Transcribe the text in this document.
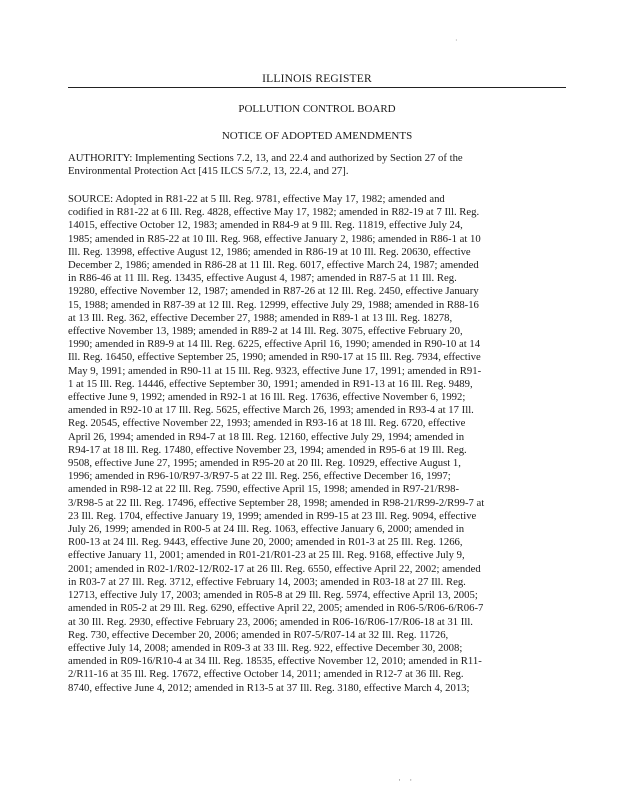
·
ILLINOIS REGISTER
POLLUTION CONTROL BOARD
NOTICE OF ADOPTED AMENDMENTS
AUTHORITY: Implementing Sections 7.2, 13, and 22.4 and authorized by Section 27 of the
Environmental Protection Act [415 ILCS 5/7.2, 13, 22.4, and 27].
SOURCE: Adopted in R81-22 at 5 Ill. Reg. 9781, effective May 17, 1982; amended and
codified in R81-22 at 6 Ill. Reg. 4828, effective May 17, 1982; amended in R82-19 at 7 Ill. Reg.
14015, effective October 12, 1983; amended in R84-9 at 9 Ill. Reg. 11819, effective July 24,
1985; amended in R85-22 at 10 Ill. Reg. 968, effective January 2, 1986; amended in R86-1 at 10
Ill. Reg. 13998, effective August 12, 1986; amended in R86-19 at 10 Ill. Reg. 20630, effective
December 2, 1986; amended in R86-28 at 11 Ill. Reg. 6017, effective March 24, 1987; amended
in R86-46 at 11 Ill. Reg. 13435, effective August 4, 1987; amended in R87-5 at 11 Ill. Reg.
19280, effective November 12, 1987; amended in R87-26 at 12 Ill. Reg. 2450, effective January
15, 1988; amended in R87-39 at 12 Ill. Reg. 12999, effective July 29, 1988; amended in R88-16
at 13 Ill. Reg. 362, effective December 27, 1988; amended in R89-1 at 13 Ill. Reg. 18278,
effective November 13, 1989; amended in R89-2 at 14 Ill. Reg. 3075, effective February 20,
1990; amended in R89-9 at 14 Ill. Reg. 6225, effective April 16, 1990; amended in R90-10 at 14
Ill. Reg. 16450, effective September 25, 1990; amended in R90-17 at 15 Ill. Reg. 7934, effective
May 9, 1991; amended in R90-11 at 15 Ill. Reg. 9323, effective June 17, 1991; amended in R91-
1 at 15 Ill. Reg. 14446, effective September 30, 1991; amended in R91-13 at 16 Ill. Reg. 9489,
effective June 9, 1992; amended in R92-1 at 16 Ill. Reg. 17636, effective November 6, 1992;
amended in R92-10 at 17 Ill. Reg. 5625, effective March 26, 1993; amended in R93-4 at 17 Ill.
Reg. 20545, effective November 22, 1993; amended in R93-16 at 18 Ill. Reg. 6720, effective
April 26, 1994; amended in R94-7 at 18 Ill. Reg. 12160, effective July 29, 1994; amended in
R94-17 at 18 Ill. Reg. 17480, effective November 23, 1994; amended in R95-6 at 19 Ill. Reg.
9508, effective June 27, 1995; amended in R95-20 at 20 Ill. Reg. 10929, effective August 1,
1996; amended in R96-10/R97-3/R97-5 at 22 Ill. Reg. 256, effective December 16, 1997;
amended in R98-12 at 22 Ill. Reg. 7590, effective April 15, 1998; amended in R97-21/R98-
3/R98-5 at 22 Ill. Reg. 17496, effective September 28, 1998; amended in R98-21/R99-2/R99-7 at
23 Ill. Reg. 1704, effective January 19, 1999; amended in R99-15 at 23 Ill. Reg. 9094, effective
July 26, 1999; amended in R00-5 at 24 Ill. Reg. 1063, effective January 6, 2000; amended in
R00-13 at 24 Ill. Reg. 9443, effective June 20, 2000; amended in R01-3 at 25 Ill. Reg. 1266,
effective January 11, 2001; amended in R01-21/R01-23 at 25 Ill. Reg. 9168, effective July 9,
2001; amended in R02-1/R02-12/R02-17 at 26 Ill. Reg. 6550, effective April 22, 2002; amended
in R03-7 at 27 Ill. Reg. 3712, effective February 14, 2003; amended in R03-18 at 27 Ill. Reg.
12713, effective July 17, 2003; amended in R05-8 at 29 Ill. Reg. 5974, effective April 13, 2005;
amended in R05-2 at 29 Ill. Reg. 6290, effective April 22, 2005; amended in R06-5/R06-6/R06-7
at 30 Ill. Reg. 2930, effective February 23, 2006; amended in R06-16/R06-17/R06-18 at 31 Ill.
Reg. 730, effective December 20, 2006; amended in R07-5/R07-14 at 32 Ill. Reg. 11726,
effective July 14, 2008; amended in R09-3 at 33 Ill. Reg. 922, effective December 30, 2008;
amended in R09-16/R10-4 at 34 Ill. Reg. 18535, effective November 12, 2010; amended in R11-
2/R11-16 at 35 Ill. Reg. 17672, effective October 14, 2011; amended in R12-7 at 36 Ill. Reg.
8740, effective June 4, 2012; amended in R13-5 at 37 Ill. Reg. 3180, effective March 4, 2013;
· ·
